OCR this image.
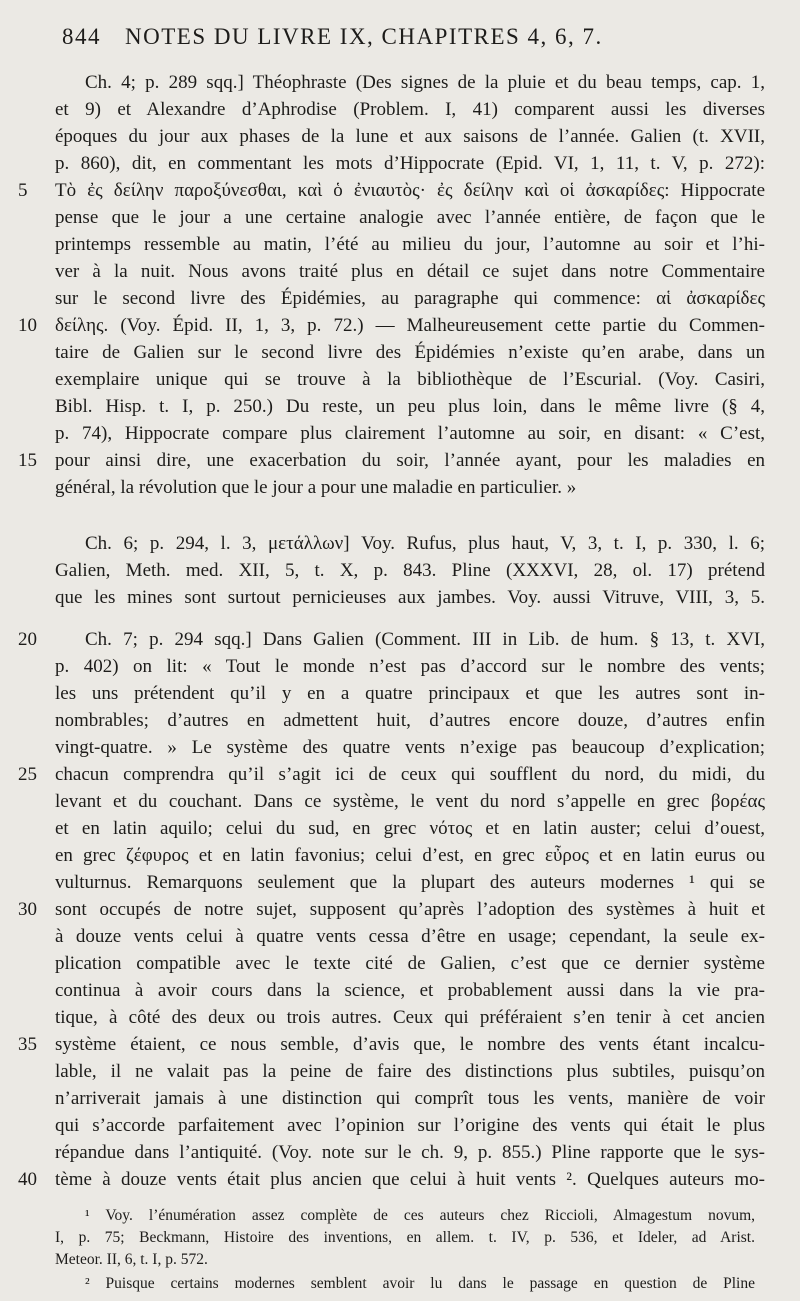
844 NOTES DU LIVRE IX, CHAPITRES 4, 6, 7.
Ch. 4; p. 289 sqq.] Théophraste (Des signes de la pluie et du beau temps, cap. 1,
et 9) et Alexandre d’Aphrodise (Problem. I, 41) comparent aussi les diverses
époques du jour aux phases de la lune et aux saisons de l’année. Galien (t. XVII,
p. 860), dit, en commentant les mots d’Hippocrate (Epid. VI, 1, 11, t. V, p. 272):
Τὸ ἐς δείλην παροξύνεσθαι, καὶ ὁ ἐνιαυτὸς· ἐς δείλην καὶ οἱ ἀσκαρίδες: Hippocrate
pense que le jour a une certaine analogie avec l’année entière, de façon que le
printemps ressemble au matin, l’été au milieu du jour, l’automne au soir et l’hi-
ver à la nuit. Nous avons traité plus en détail ce sujet dans notre Commentaire
sur le second livre des Épidémies, au paragraphe qui commence: αἱ ἀσκαρίδες
δείλης. (Voy. Épid. II, 1, 3, p. 72.) — Malheureusement cette partie du Commen-
taire de Galien sur le second livre des Épidémies n’existe qu’en arabe, dans un
exemplaire unique qui se trouve à la bibliothèque de l’Escurial. (Voy. Casiri,
Bibl. Hisp. t. I, p. 250.) Du reste, un peu plus loin, dans le même livre (§ 4,
p. 74), Hippocrate compare plus clairement l’automne au soir, en disant: « C’est,
pour ainsi dire, une exacerbation du soir, l’année ayant, pour les maladies en
général, la révolution que le jour a pour une maladie en particulier. »
Ch. 6; p. 294, l. 3, μετάλλων] Voy. Rufus, plus haut, V, 3, t. I, p. 330, l. 6;
Galien, Meth. med. XII, 5, t. X, p. 843. Pline (XXXVI, 28, ol. 17) prétend
que les mines sont surtout pernicieuses aux jambes. Voy. aussi Vitruve, VIII, 3, 5.
Ch. 7; p. 294 sqq.] Dans Galien (Comment. III in Lib. de hum. § 13, t. XVI,
p. 402) on lit: « Tout le monde n’est pas d’accord sur le nombre des vents;
les uns prétendent qu’il y en a quatre principaux et que les autres sont in-
nombrables; d’autres en admettent huit, d’autres encore douze, d’autres enfin
vingt-quatre. » Le système des quatre vents n’exige pas beaucoup d’explication;
chacun comprendra qu’il s’agit ici de ceux qui soufflent du nord, du midi, du
levant et du couchant. Dans ce système, le vent du nord s’appelle en grec βορέας
et en latin aquilo; celui du sud, en grec νότος et en latin auster; celui d’ouest,
en grec ζέφυρος et en latin favonius; celui d’est, en grec εὖρος et en latin eurus ou
vulturnus. Remarquons seulement que la plupart des auteurs modernes ¹ qui se
sont occupés de notre sujet, supposent qu’après l’adoption des systèmes à huit et
à douze vents celui à quatre vents cessa d’être en usage; cependant, la seule ex-
plication compatible avec le texte cité de Galien, c’est que ce dernier système
continua à avoir cours dans la science, et probablement aussi dans la vie pra-
tique, à côté des deux ou trois autres. Ceux qui préféraient s’en tenir à cet ancien
système étaient, ce nous semble, d’avis que, le nombre des vents étant incalcu-
lable, il ne valait pas la peine de faire des distinctions plus subtiles, puisqu’on
n’arriverait jamais à une distinction qui comprît tous les vents, manière de voir
qui s’accorde parfaitement avec l’opinion sur l’origine des vents qui était le plus
répandue dans l’antiquité. (Voy. note sur le ch. 9, p. 855.) Pline rapporte que le sys-
tème à douze vents était plus ancien que celui à huit vents ². Quelques auteurs mo-
5
10
15
20
25
30
35
40
¹ Voy. l’énumération assez complète de ces auteurs chez Riccioli, Almagestum novum,
I, p. 75; Beckmann, Histoire des inventions, en allem. t. IV, p. 536, et Ideler, ad Arist.
Meteor. II, 6, t. I, p. 572.
² Puisque certains modernes semblent avoir lu dans le passage en question de Pline
